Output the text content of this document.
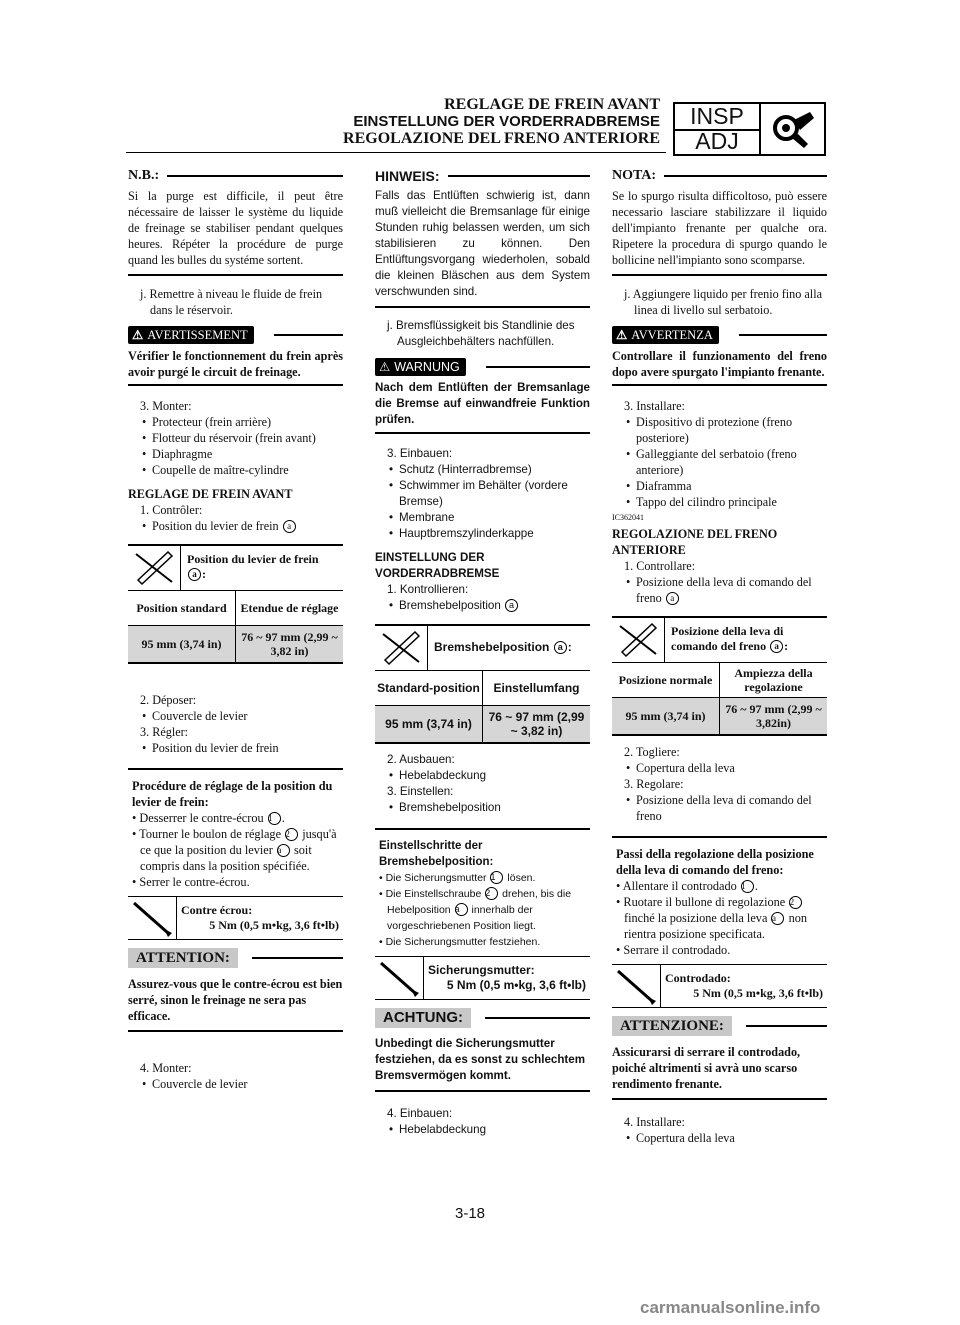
REGLAGE DE FREIN AVANT
EINSTELLUNG DER VORDERRADBREMSE
REGOLAZIONE DEL FRENO ANTERIORE
INSP
ADJ
N.B.:
Si la purge est difficile, il peut être nécessaire de laisser le système du liquide de freinage se stabiliser pendant quelques heures. Répéter la procédure de purge quand les bulles du systéme sortent.
j. Remettre à niveau le fluide de frein dans le réservoir.
⚠ AVERTISSEMENT
Vérifier le fonctionnement du frein après avoir purgé le circuit de freinage.
3. Monter:
• Protecteur (frein arrière)
• Flotteur du réservoir (frein avant)
• Diaphragme
• Coupelle de maître-cylindre
REGLAGE DE FREIN AVANT
1. Contrôler:
• Position du levier de frein a
Position du levier de frein
a :
Position standard	Etendue de réglage
95 mm (3,74 in)	76 ~ 97 mm (2,99 ~ 3,82 in)
2. Déposer:
• Couvercle de levier
3. Régler:
• Position du levier de frein
Procédure de réglage de la position du levier de frein:
• Desserrer le contre-écrou 1 .
• Tourner le boulon de réglage 2 jusqu'à ce que la position du levier a soit compris dans la position spécifiée.
• Serrer le contre-écrou.
Contre écrou:
5 Nm (0,5 m•kg, 3,6 ft•lb)
ATTENTION:
Assurez-vous que le contre-écrou est bien serré, sinon le freinage ne sera pas efficace.
4. Monter:
• Couvercle de levier
HINWEIS:
Falls das Entlüften schwierig ist, dann muß vielleicht die Bremsanlage für einige Stunden ruhig belassen werden, um sich stabilisieren zu können. Den Entlüftungsvorgang wiederholen, sobald die kleinen Bläschen aus dem System verschwunden sind.
j. Bremsflüssigkeit bis Standlinie des Ausgleichbehälters nachfüllen.
⚠ WARNUNG
Nach dem Entlüften der Bremsanlage die Bremse auf einwandfreie Funktion prüfen.
3. Einbauen:
• Schutz (Hinterradbremse)
• Schwimmer im Behälter (vordere Bremse)
• Membrane
• Hauptbremszylinderkappe
EINSTELLUNG DER VORDERRADBREMSE
1. Kontrollieren:
• Bremshebelposition a
Bremshebelposition a :
Standard-position	Einstellumfang
95 mm (3,74 in)	76 ~ 97 mm (2,99 ~ 3,82 in)
2. Ausbauen:
• Hebelabdeckung
3. Einstellen:
• Bremshebelposition
Einstellschritte der Bremshebelposition:
• Die Sicherungsmutter 1 lösen.
• Die Einstellschraube 2 drehen, bis die Hebelposition a innerhalb der vorgeschriebenen Position liegt.
• Die Sicherungsmutter festziehen.
Sicherungsmutter:
5 Nm (0,5 m•kg, 3,6 ft•lb)
ACHTUNG:
Unbedingt die Sicherungsmutter festziehen, da es sonst zu schlechtem Bremsvermögen kommt.
4. Einbauen:
• Hebelabdeckung
NOTA:
Se lo spurgo risulta difficoltoso, può essere necessario lasciare stabilizzare il liquido dell'impianto frenante per qualche ora. Ripetere la procedura di spurgo quando le bollicine nell'impianto sono scomparse.
j. Aggiungere liquido per frenio fino alla linea di livello sul serbatoio.
⚠ AVVERTENZA
Controllare il funzionamento del freno dopo avere spurgato l'impianto frenante.
3. Installare:
• Dispositivo di protezione (freno posteriore)
• Galleggiante del serbatoio (freno anteriore)
• Diaframma
• Tappo del cilindro principale
IC362041
REGOLAZIONE DEL FRENO ANTERIORE
1. Controllare:
• Posizione della leva di comando del freno a
Posizione della leva di comando del freno a :
Posizione normale	Ampiezza della regolazione
95 mm (3,74 in)	76 ~ 97 mm (2,99 ~ 3,82in)
2. Togliere:
• Copertura della leva
3. Regolare:
• Posizione della leva di comando del freno
Passi della regolazione della posizione della leva di comando del freno:
• Allentare il controdado 1 .
• Ruotare il bullone di regolazione 2 finché la posizione della leva a non rientra posizione specificata.
• Serrare il controdado.
Controdado:
5 Nm (0,5 m•kg, 3,6 ft•lb)
ATTENZIONE:
Assicurarsi di serrare il controdado, poiché altrimenti si avrà uno scarso rendimento frenante.
4. Installare:
• Copertura della leva
3-18
carmanualsonline.info
